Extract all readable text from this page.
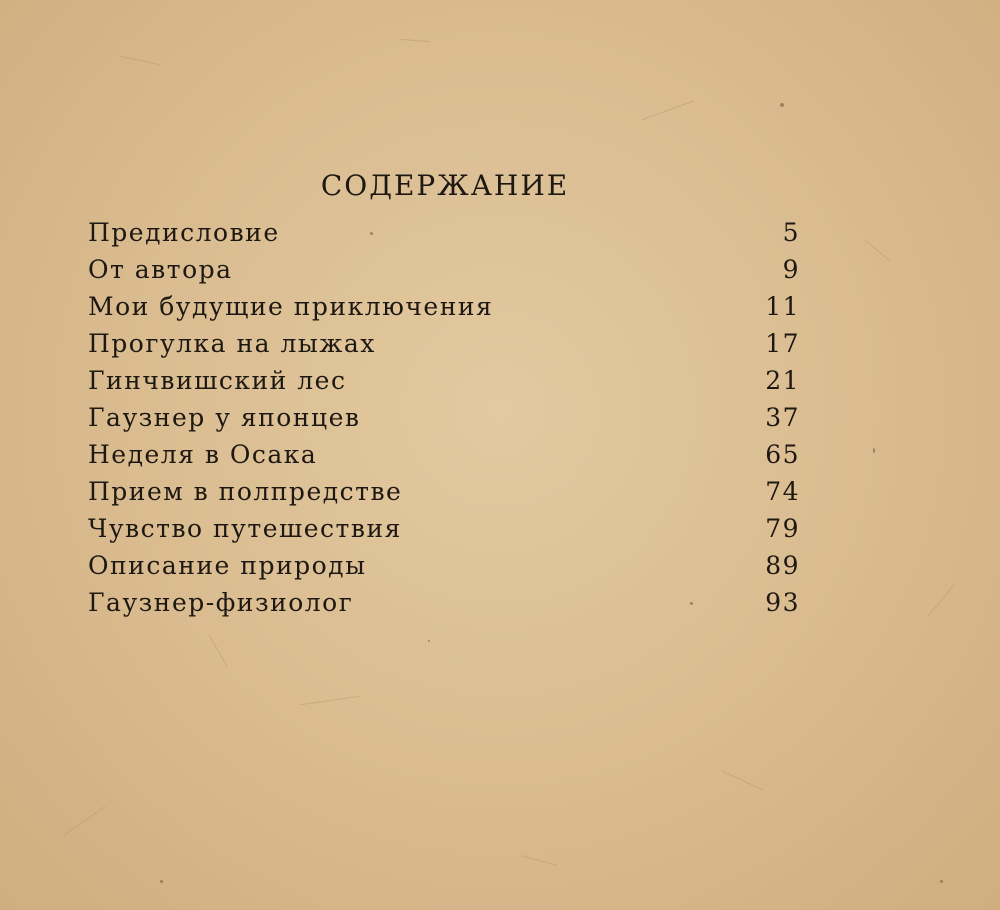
СОДЕРЖАНИЕ
Предисловие	5
От автора	9
Мои будущие приключения	11
Прогулка на лыжах	17
Гинчвишский лес	21
Гаузнер у японцев	37
Неделя в Осака	65
Прием в полпредстве	74
Чувство путешествия	79
Описание природы	89
Гаузнер-физиолог	93
